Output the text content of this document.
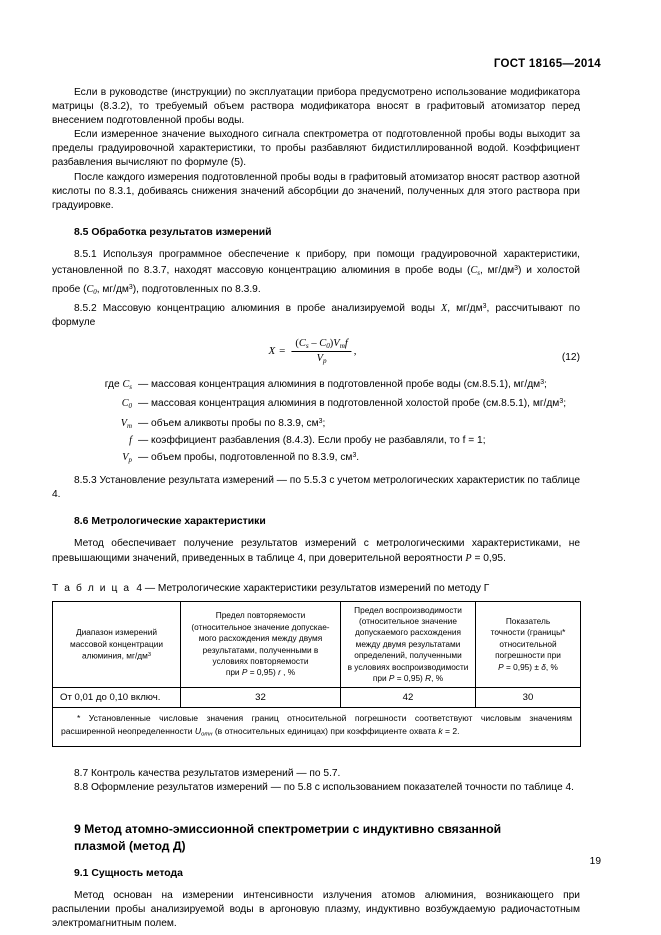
ГОСТ 18165—2014

Если в руководстве (инструкции) по эксплуатации прибора предусмотрено использование модификатора матрицы (8.3.2), то требуемый объем раствора модификатора вносят в графитовый атомизатор перед внесением подготовленной пробы воды.

Если измеренное значение выходного сигнала спектрометра от подготовленной пробы воды выходит за пределы градуировочной характеристики, то пробы разбавляют бидистиллированной водой. Коэффициент разбавления вычисляют по формуле (5).

После каждого измерения подготовленной пробы воды в графитовый атомизатор вносят раствор азотной кислоты по 8.3.1, добиваясь снижения значений абсорбции до значений, полученных для этого раствора при градуировке.

8.5 Обработка результатов измерений

8.5.1 Используя программное обеспечение к прибору, при помощи градуировочной характеристики, установленной по 8.3.7, находят массовую концентрацию алюминия в пробе воды ($C_s$, $мг/дм^3$) и холостой пробе ($C_0$, $мг/дм^3$), подготовленных по 8.3.9.

8.5.2 Массовую концентрацию алюминия в пробе анализируемой воды X, $мг/дм^3$, рассчитывают по формуле

$X = \frac{(C_s - C_0)V_mf}{V_p}$ ,
(12)
где $C_s$ — массовая концентрация алюминия в подготовленной пробе воды (см.8.5.1), $мг/дм^3$;
$C_0$ — массовая концентрация алюминия в подготовленной холостой пробе (см.8.5.1), $мг/дм^3$;
$V_m$ — объем аликвоты пробы по 8.3.9, $см^3$;
f — коэффициент разбавления (8.4.3). Если пробу не разбавляли, то f = 1;
$V_p$ — объем пробы, подготовленной по 8.3.9, $см^3$.

8.5.3 Установление результата измерений — по 5.5.3 с учетом метрологических характеристик по таблице 4.

8.6 Метрологические характеристики

Метод обеспечивает получение результатов измерений с метрологическими характеристиками, не превышающими значений, приведенных в таблице 4, при доверительной вероятности P = 0,95.

Т а б л и ц а 4 — Метрологические характеристики результатов измерений по методу Г
Диапазон измерений
массовой концентрации
алюминия, $мг/дм^3$	Предел повторяемости
(относительное значение допускае-
мого расхождения между двумя
результатами, полученными в
условиях повторяемости
при P = 0,95) r , %	Предел воспроизводимости
(относительное значение
допускаемого расхождения
между двумя результатами
определений, полученными
в условиях воспроизводимости
при P = 0,95) R, %	Показатель
точности (границы*
относительной
погрешности при
P = 0,95) ± δ, %
От 0,01 до 0,10 включ.	32	42	30
* Установленные числовые значения границ относительной погрешности соответствуют числовым значениям расширенной неопределенности $U_{отн}$ (в относительных единицах) при коэффициенте охвата k = 2.			

8.7 Контроль качества результатов измерений — по 5.7.

8.8 Оформление результатов измерений — по 5.8 с использованием показателей точности по таблице 4.

9 Метод атомно-эмиссионной спектрометрии с индуктивно связанной плазмой (метод Д)
9.1 Сущность метода

Метод основан на измерении интенсивности излучения атомов алюминия, возникающего при распылении пробы анализируемой воды в аргоновую плазму, индуктивно возбуждаемую радиочастотным электромагнитным полем.

19
